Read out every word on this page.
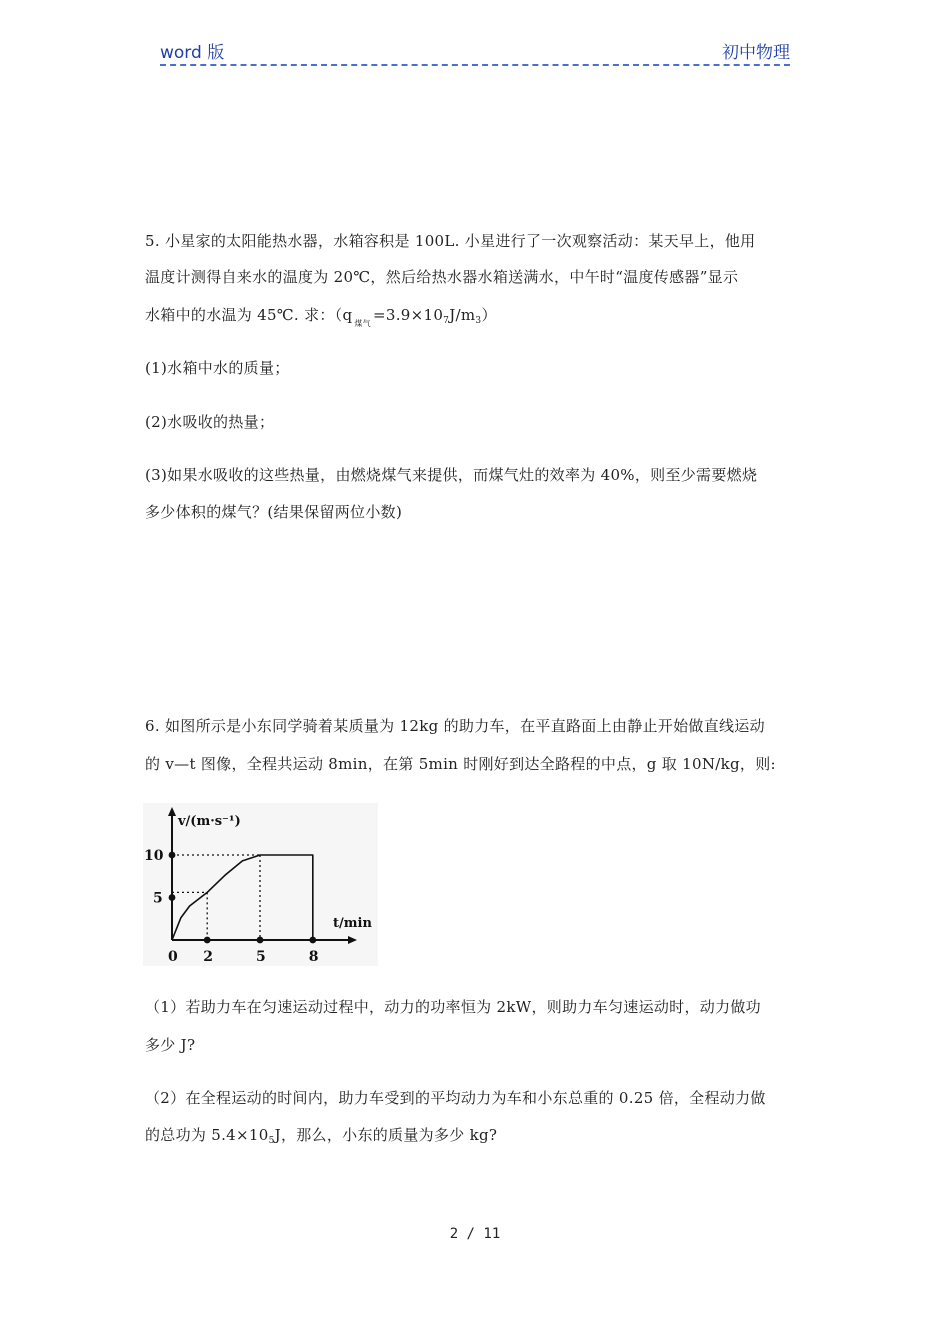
word 版	初中物理
5. 小星家的太阳能热水器，水箱容积是 100L. 小星进行了一次观察活动：某天早上，他用
温度计测得自来水的温度为 20℃，然后给热水器水箱送满水，中午时“温度传感器”显示
水箱中的水温为 45℃. 求：（q $_{煤气} =3.9\times 10_7J/m_3$）
(1)水箱中水的质量；
(2)水吸收的热量；
(3)如果水吸收的这些热量，由燃烧煤气来提供，而煤气灶的效率为 40%，则至少需要燃烧
多少体积的煤气？(结果保留两位小数)
6. 如图所示是小东同学骑着某质量为 12kg 的助力车，在平直路面上由静止开始做直线运动
的 v—t 图像，全程共运动 8min，在第 5min 时刚好到达全路程的中点，g 取 10N/kg，则:
0 2	5	8
5
10
v/(m·s⁻¹)
t/min
（1）若助力车在匀速运动过程中，动力的功率恒为 2kW，则助力车匀速运动时，动力做功
多少 J?
（2）在全程运动的时间内，助力车受到的平均动力为车和小东总重的 0.25 倍，全程动力做
的总功为 $5.4\times 10_5J$，那么，小东的质量为多少 kg?
2 / 11
